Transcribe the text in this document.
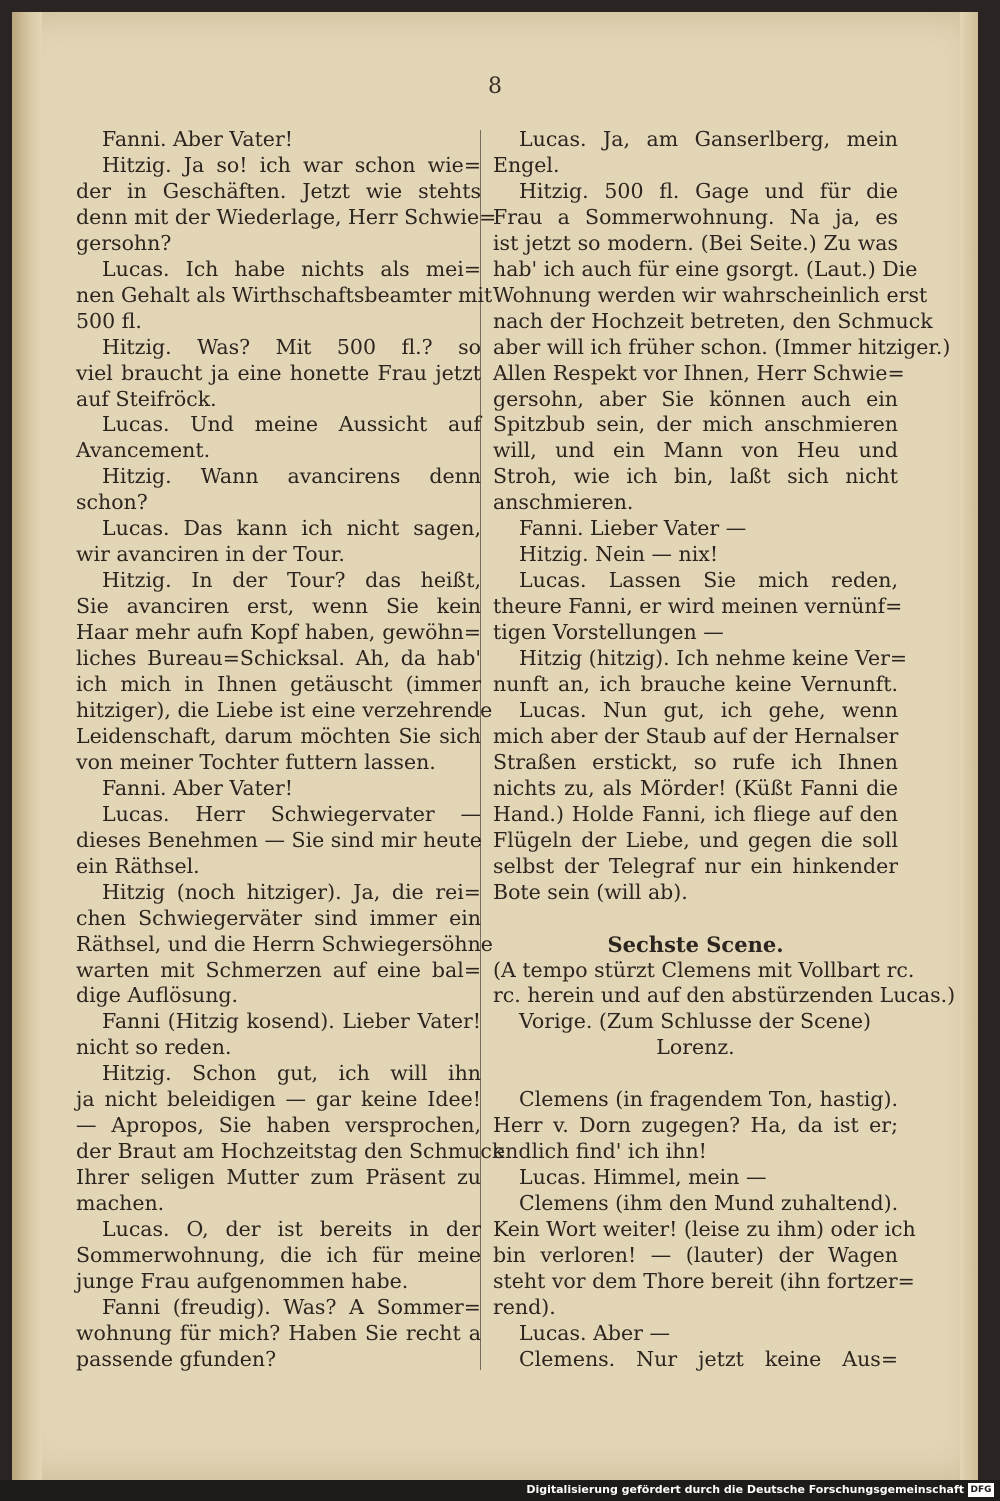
8
Fanni. Aber Vater!
Hitzig. Ja so! ich war schon wie=
der in Geschäften. Jetzt wie stehts
denn mit der Wiederlage, Herr Schwie=
gersohn?
Lucas. Ich habe nichts als mei=
nen Gehalt als Wirthschaftsbeamter mit
500 fl.
Hitzig. Was? Mit 500 fl.? so
viel braucht ja eine honette Frau jetzt
auf Steifröck.
Lucas. Und meine Aussicht auf
Avancement.
Hitzig. Wann avancirens denn
schon?
Lucas. Das kann ich nicht sagen,
wir avanciren in der Tour.
Hitzig. In der Tour? das heißt,
Sie avanciren erst, wenn Sie kein
Haar mehr aufn Kopf haben, gewöhn=
liches Bureau=Schicksal. Ah, da hab'
ich mich in Ihnen getäuscht (immer
hitziger), die Liebe ist eine verzehrende
Leidenschaft, darum möchten Sie sich
von meiner Tochter futtern lassen.
Fanni. Aber Vater!
Lucas. Herr Schwiegervater —
dieses Benehmen — Sie sind mir heute
ein Räthsel.
Hitzig (noch hitziger). Ja, die rei=
chen Schwiegerväter sind immer ein
Räthsel, und die Herrn Schwiegersöhne
warten mit Schmerzen auf eine bal=
dige Auflösung.
Fanni (Hitzig kosend). Lieber Vater!
nicht so reden.
Hitzig. Schon gut, ich will ihn
ja nicht beleidigen — gar keine Idee!
— Apropos, Sie haben versprochen,
der Braut am Hochzeitstag den Schmuck
Ihrer seligen Mutter zum Präsent zu
machen.
Lucas. O, der ist bereits in der
Sommerwohnung, die ich für meine
junge Frau aufgenommen habe.
Fanni (freudig). Was? A Sommer=
wohnung für mich? Haben Sie recht a
passende gfunden?
Lucas. Ja, am Ganserlberg, mein
Engel.
Hitzig. 500 fl. Gage und für die
Frau a Sommerwohnung. Na ja, es
ist jetzt so modern. (Bei Seite.) Zu was
hab' ich auch für eine gsorgt. (Laut.) Die
Wohnung werden wir wahrscheinlich erst
nach der Hochzeit betreten, den Schmuck
aber will ich früher schon. (Immer hitziger.)
Allen Respekt vor Ihnen, Herr Schwie=
gersohn, aber Sie können auch ein
Spitzbub sein, der mich anschmieren
will, und ein Mann von Heu und
Stroh, wie ich bin, laßt sich nicht
anschmieren.
Fanni. Lieber Vater —
Hitzig. Nein — nix!
Lucas. Lassen Sie mich reden,
theure Fanni, er wird meinen vernünf=
tigen Vorstellungen —
Hitzig (hitzig). Ich nehme keine Ver=
nunft an, ich brauche keine Vernunft.
Lucas. Nun gut, ich gehe, wenn
mich aber der Staub auf der Hernalser
Straßen erstickt, so rufe ich Ihnen
nichts zu, als Mörder! (Küßt Fanni die
Hand.) Holde Fanni, ich fliege auf den
Flügeln der Liebe, und gegen die soll
selbst der Telegraf nur ein hinkender
Bote sein (will ab).

Sechste Scene.
(A tempo stürzt Clemens mit Vollbart rc.
rc. herein und auf den abstürzenden Lucas.)
Vorige. (Zum Schlusse der Scene)
Lorenz.

Clemens (in fragendem Ton, hastig).
Herr v. Dorn zugegen? Ha, da ist er;
endlich find' ich ihn!
Lucas. Himmel, mein —
Clemens (ihm den Mund zuhaltend).
Kein Wort weiter! (leise zu ihm) oder ich
bin verloren! — (lauter) der Wagen
steht vor dem Thore bereit (ihn fortzer=
rend).
Lucas. Aber —
Clemens. Nur jetzt keine Aus=
Digitalisierung gefördert durch die Deutsche Forschungsgemeinschaft DFG
